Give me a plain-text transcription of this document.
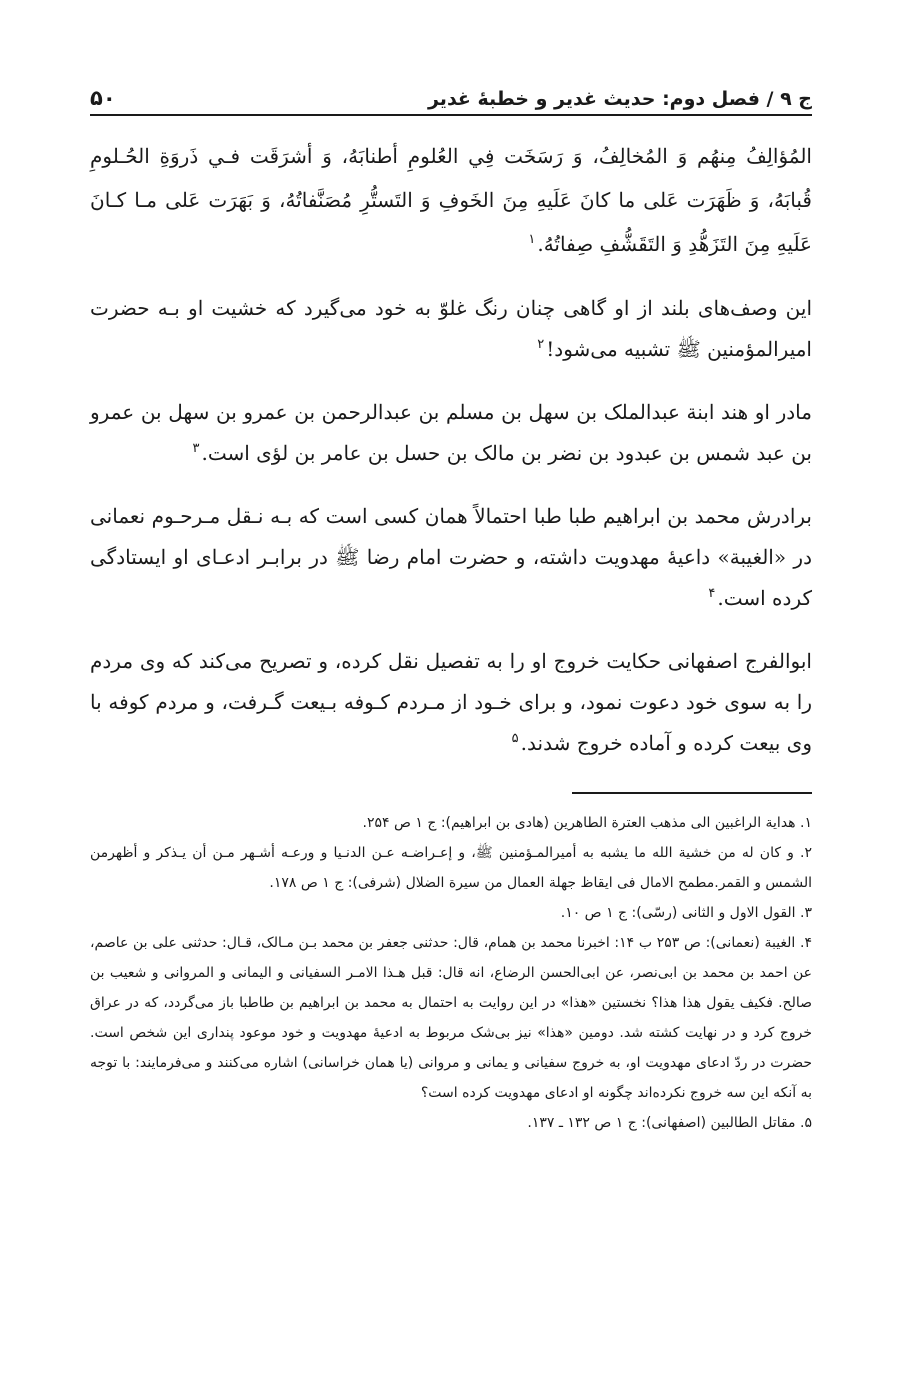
ج ۹ / فصل دوم: حدیث غدیر و خطبهٔ غدیر
۵۰

المُؤالِفُ مِنهُم وَ المُخالِفُ، وَ رَسَخَت فِي العُلومِ أطنابَهُ، وَ أشرَقَت فـي ذَروَةِ الحُـلومِ قُبابَهُ، وَ ظَهَرَت عَلى ما كانَ عَلَيهِ مِنَ الخَوفِ وَ التَستُّرِ مُصَنَّفاتُهُ، وَ بَهَرَت عَلى مـا كـانَ عَلَيهِ مِنَ التَزَهُّدِ وَ التَقَشُّفِ صِفاتُهُ.$^۱$

این وصف‌های بلند از او گاهی چنان رنگ غلوّ به خود می‌گیرد که خشیت او بـه حضرت امیرالمؤمنین ﷺ تشبیه می‌شود!$^۲$

مادر او هند ابنة عبدالملک بن سهل بن مسلم بن عبدالرحمن بن عمرو بن سهل بن عمرو بن عبد شمس بن عبدود بن نضر بن مالک بن حسل بن عامر بن لؤی است.$^۳$

برادرش محمد بن ابراهیم طبا طبا احتمالاً همان کسی است که بـه نـقل مـرحـوم نعمانی در «الغیبة» داعیهٔ مهدویت داشته، و حضرت امام رضا ﷺ در برابـر ادعـای او ایستادگی کرده است.$^۴$

ابوالفرج اصفهانی حکایت خروج او را به تفصیل نقل کرده، و تصریح می‌کند که وی مردم را به سوی خود دعوت نمود، و برای خـود از مـردم کـوفه بـیعت گـرفت، و مردم کوفه با وی بیعت کرده و آماده خروج شدند.$^۵$

۱. هدایة الراغبین الی مذهب العترة الطاهرین (هادی بن ابراهیم): ج ۱ ص ۲۵۴.
۲. و کان له من خشیة الله ما یشبه به أمیرالمـؤمنین ﷺ، و إعـراضـه عـن الدنـیا و ورعـه أشـهر مـن أن یـذکر و أظهرمن الشمس و القمر.مطمح الامال فی ایقاظ جهلة العمال من سیرة الضلال (شرفی): ج ۱ ص ۱۷۸.
۳. القول الاول و الثانی (رسّی): ج ۱ ص ۱۰.
۴. الغیبة (نعمانی): ص ۲۵۳ ب ۱۴: اخبرنا محمد بن همام، قال: حدثنی جعفر بن محمد بـن مـالک، قـال: حدثنی علی بن عاصم، عن احمد بن محمد بن ابی‌نصر، عن ابی‌الحسن الرضاع، انه قال: قبل هـذا الامـر السفیانی و الیمانی و المروانی و شعیب بن صالح. فکیف یقول هذا هذا؟ نخستین «هذا» در این روایت به احتمال به محمد بن ابراهیم بن طاطبا باز می‌گردد، که در عراق خروج کرد و در نهایت کشته شد. دومین «هذا» نیز بی‌شک مربوط به ادعیهٔ مهدویت و خود موعود پنداری این شخص است. حضرت در ردّ ادعای مهدویت او، به خروج سفیانی و یمانی و مروانی (یا همان خراسانی) اشاره می‌کنند و می‌فرمایند: با توجه به آنکه این سه خروج نکرده‌اند چگونه او ادعای مهدویت کرده است؟
۵. مقاتل الطالبین (اصفهانی): ج ۱ ص ۱۳۲ ـ ۱۳۷.
